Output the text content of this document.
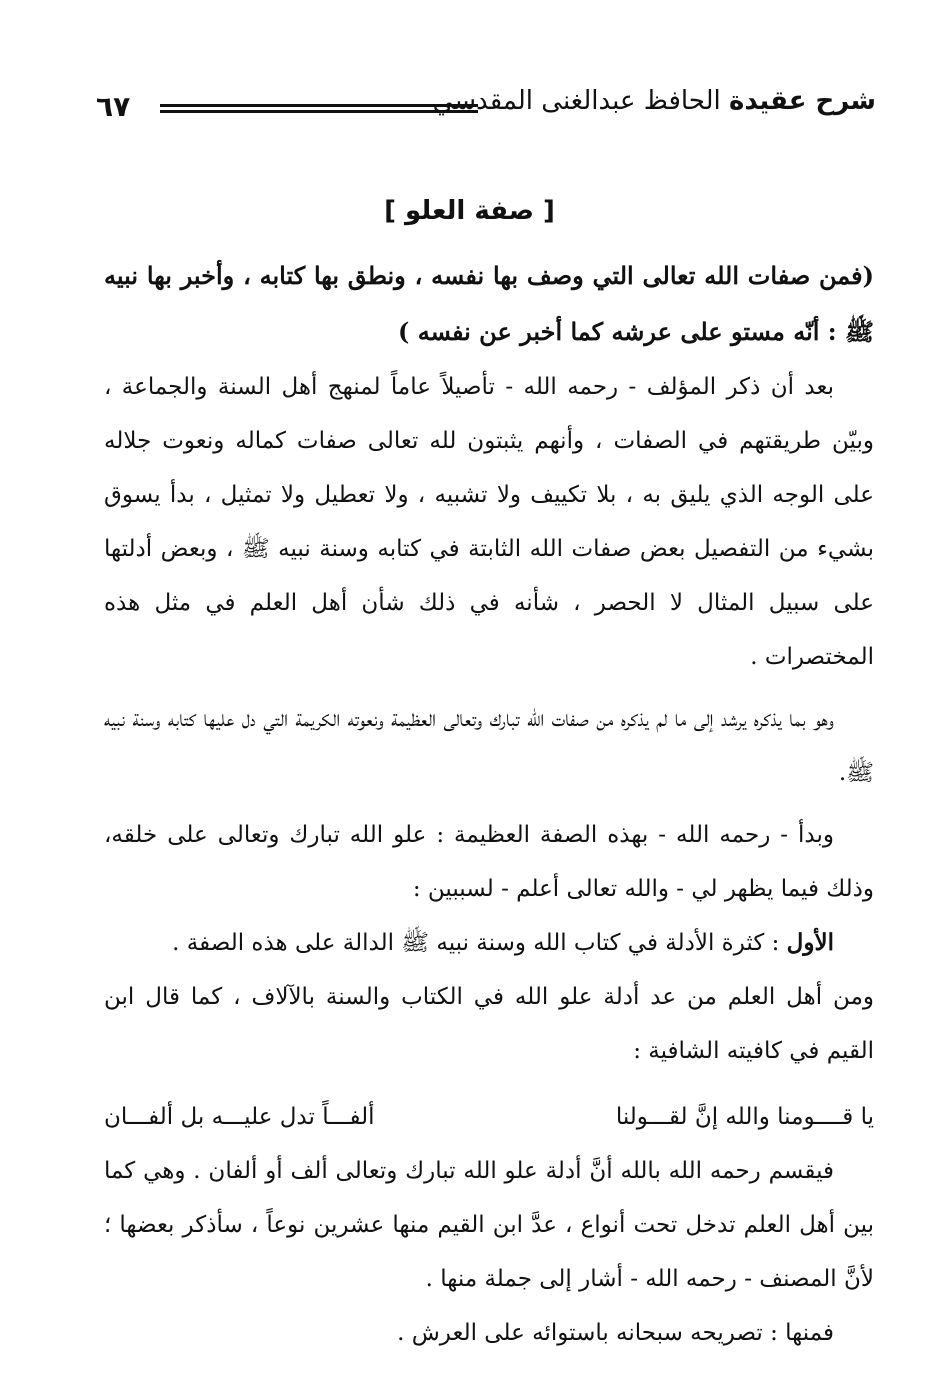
٦٧	شرح عقيدة الحافظ عبدالغنى المقدسي
[ صفة العلو ]

(فمن صفات الله تعالى التي وصف بها نفسه ، ونطق بها كتابه ، وأخبر بها نبيه ﷺ : أنّه مستو على عرشه كما أخبر عن نفسه )

بعد أن ذكر المؤلف - رحمه الله - تأصيلاً عاماً لمنهج أهل السنة والجماعة ، وبيّن طريقتهم في الصفات ، وأنهم يثبتون لله تعالى صفات كماله ونعوت جلاله على الوجه الذي يليق به ، بلا تكييف ولا تشبيه ، ولا تعطيل ولا تمثيل ، بدأ يسوق بشيء من التفصيل بعض صفات الله الثابتة في كتابه وسنة نبيه ﷺ ، وبعض أدلتها على سبيل المثال لا الحصر ، شأنه في ذلك شأن أهل العلم في مثل هذه المختصرات .

وهو بما يذكره يرشد إلى ما لم يذكره من صفات الله تبارك وتعالى العظيمة ونعوته الكريمة التي دل عليها كتابه وسنة نبيه ﷺ.

وبدأ - رحمه الله - بهذه الصفة العظيمة : علو الله تبارك وتعالى على خلقه، وذلك فيما يظهر لي - والله تعالى أعلم - لسببين :

الأول : كثرة الأدلة في كتاب الله وسنة نبيه ﷺ الدالة على هذه الصفة .

ومن أهل العلم من عد أدلة علو الله في الكتاب والسنة بالآلاف ، كما قال ابن القيم في كافيته الشافية :

يا قــــومنا والله إنَّ لقـــولنا
ألفـــاً تدل عليـــه بل ألفـــان

فيقسم رحمه الله بالله أنَّ أدلة علو الله تبارك وتعالى ألف أو ألفان . وهي كما بين أهل العلم تدخل تحت أنواع ، عدَّ ابن القيم منها عشرين نوعاً ، سأذكر بعضها ؛ لأنَّ المصنف - رحمه الله - أشار إلى جملة منها .

فمنها : تصريحه سبحانه باستوائه على العرش .
